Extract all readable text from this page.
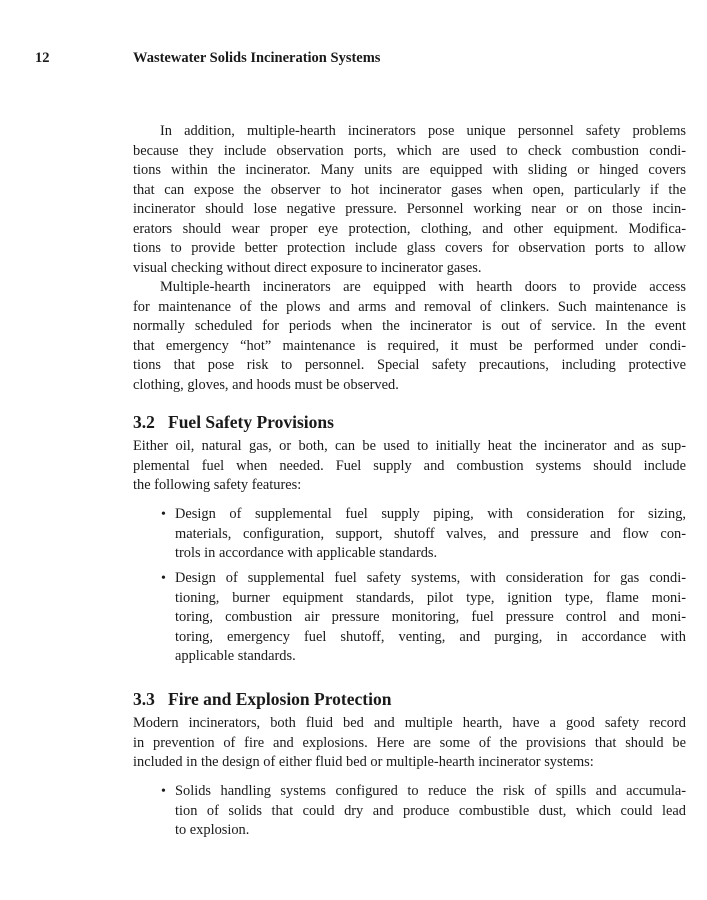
12	Wastewater Solids Incineration Systems
In addition, multiple-hearth incinerators pose unique personnel safety problems
because they include observation ports, which are used to check combustion condi-
tions within the incinerator. Many units are equipped with sliding or hinged covers
that can expose the observer to hot incinerator gases when open, particularly if the
incinerator should lose negative pressure. Personnel working near or on those incin-
erators should wear proper eye protection, clothing, and other equipment. Modifica-
tions to provide better protection include glass covers for observation ports to allow
visual checking without direct exposure to incinerator gases.
Multiple-hearth incinerators are equipped with hearth doors to provide access
for maintenance of the plows and arms and removal of clinkers. Such maintenance is
normally scheduled for periods when the incinerator is out of service. In the event
that emergency “hot” maintenance is required, it must be performed under condi-
tions that pose risk to personnel. Special safety precautions, including protective
clothing, gloves, and hoods must be observed.
3.2 Fuel Safety Provisions
Either oil, natural gas, or both, can be used to initially heat the incinerator and as sup-
plemental fuel when needed. Fuel supply and combustion systems should include
the following safety features:
• Design of supplemental fuel supply piping, with consideration for sizing,
materials, configuration, support, shutoff valves, and pressure and flow con-
trols in accordance with applicable standards.
• Design of supplemental fuel safety systems, with consideration for gas condi-
tioning, burner equipment standards, pilot type, ignition type, flame moni-
toring, combustion air pressure monitoring, fuel pressure control and moni-
toring, emergency fuel shutoff, venting, and purging, in accordance with
applicable standards.
3.3 Fire and Explosion Protection
Modern incinerators, both fluid bed and multiple hearth, have a good safety record
in prevention of fire and explosions. Here are some of the provisions that should be
included in the design of either fluid bed or multiple-hearth incinerator systems:
• Solids handling systems configured to reduce the risk of spills and accumula-
tion of solids that could dry and produce combustible dust, which could lead
to explosion.
